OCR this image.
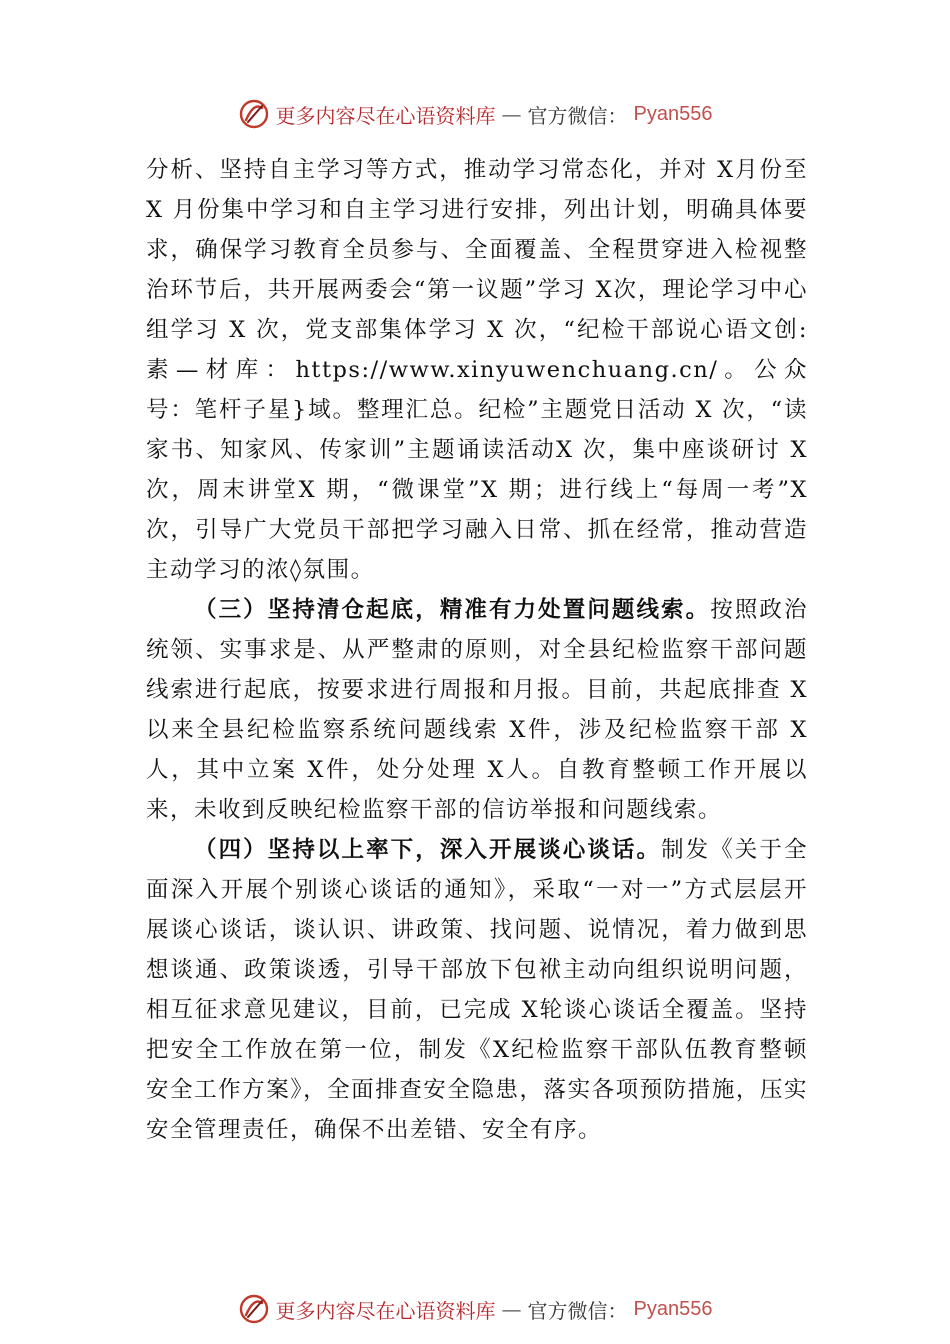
更多内容尽在心语资料库 — 官方微信： Pyan556

分析、坚持自主学习等方式，推动学习常态化，并对 X月份至 X 月份集中学习和自主学习进行安排，列出计划，明确具体要求，确保学习教育全员参与、全面覆盖、全程贯穿进入检视整治环节后，共开展两委会“第一议题”学习 X次，理论学习中心组学习 X 次，党支部集体学习 X 次，“纪检干部说心语文创:素—材库：https://www.xinyuwenchuang.cn/。公众号：笔杆子星}域。整理汇总。纪检”主题党日活动 X 次，“读家书、知家风、传家训”主题诵读活动X 次，集中座谈研讨 X 次，周末讲堂X 期，“微课堂”X 期；进行线上“每周一考”X 次，引导广大党员干部把学习融入日常、抓在经常，推动营造主动学习的浓◊氛围。

（三）坚持清仓起底，精准有力处置问题线索。按照政治统领、实事求是、从严整肃的原则，对全县纪检监察干部问题线索进行起底，按要求进行周报和月报。目前，共起底排查 X以来全县纪检监察系统问题线索 X件，涉及纪检监察干部 X人，其中立案 X件，处分处理 X人。自教育整顿工作开展以来，未收到反映纪检监察干部的信访举报和问题线索。

（四）坚持以上率下，深入开展谈心谈话。制发《关于全面深入开展个别谈心谈话的通知》，采取“一对一”方式层层开展谈心谈话，谈认识、讲政策、找问题、说情况，着力做到思想谈通、政策谈透，引导干部放下包袱主动向组织说明问题，相互征求意见建议，目前，已完成 X轮谈心谈话全覆盖。坚持把安全工作放在第一位，制发《X纪检监察干部队伍教育整顿安全工作方案》，全面排查安全隐患，落实各项预防措施，压实安全管理责任，确保不出差错、安全有序。

更多内容尽在心语资料库 — 官方微信： Pyan556
